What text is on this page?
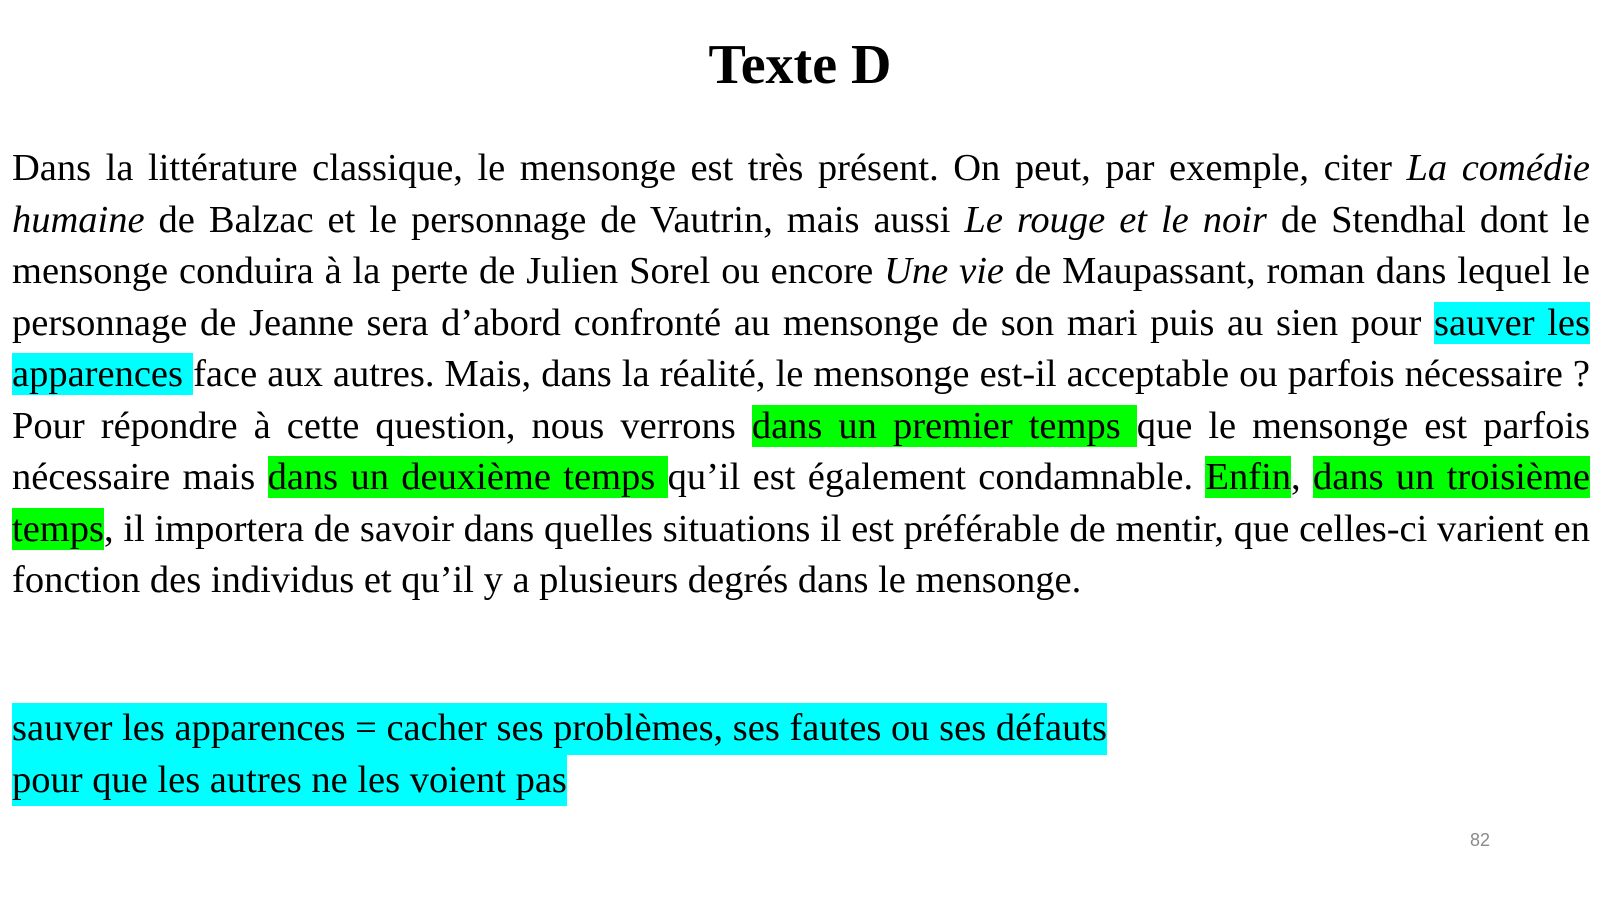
Texte D

Dans la littérature classique, le mensonge est très présent. On peut, par exemple, citer La comédie humaine de Balzac et le personnage de Vautrin, mais aussi Le rouge et le noir de Stendhal dont le mensonge conduira à la perte de Julien Sorel ou encore Une vie de Maupassant, roman dans lequel le personnage de Jeanne sera d’abord confronté au mensonge de son mari puis au sien pour sauver les apparences face aux autres. Mais, dans la réalité, le mensonge est-il acceptable ou parfois nécessaire ? Pour répondre à cette question, nous verrons dans un premier temps que le mensonge est parfois nécessaire mais dans un deuxième temps qu’il est également condamnable. Enfin, dans un troisième temps, il importera de savoir dans quelles situations il est préférable de mentir, que celles-ci varient en fonction des individus et qu’il y a plusieurs degrés dans le mensonge.

sauver les apparences = cacher ses problèmes, ses fautes ou ses défauts
pour que les autres ne les voient pas
82
